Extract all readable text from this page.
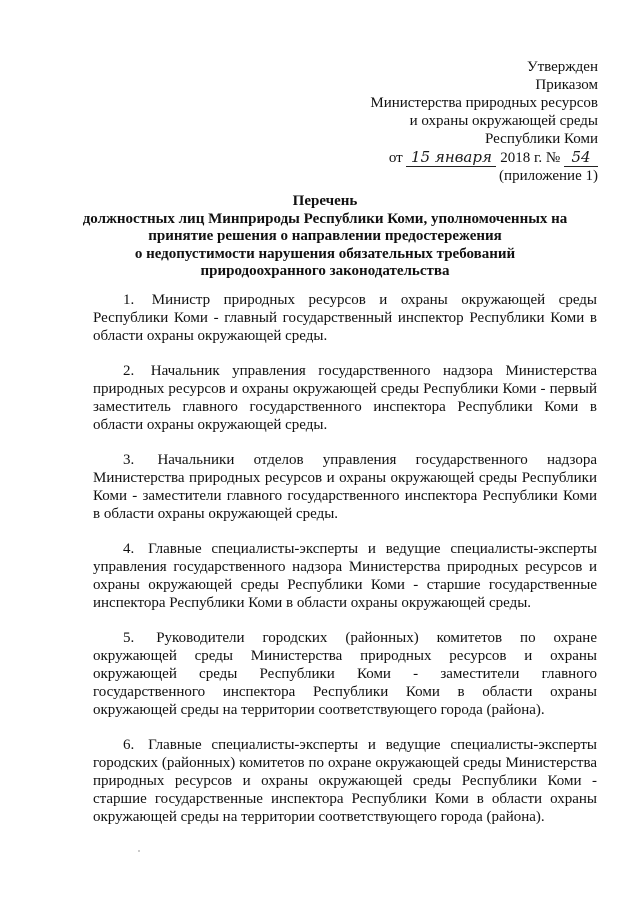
Утвержден
Приказом
Министерства природных ресурсов
и охраны окружающей среды
Республики Коми
от 15 января 2018 г. № 54
(приложение 1)
Перечень
должностных лиц Минприроды Республики Коми, уполномоченных на
принятие решения о направлении предостережения
о недопустимости нарушения обязательных требований
природоохранного законодательства

1. Министр природных ресурсов и охраны окружающей среды Республики Коми - главный государственный инспектор Республики Коми в области охраны окружающей среды.

2. Начальник управления государственного надзора Министерства природных ресурсов и охраны окружающей среды Республики Коми - первый заместитель главного государственного инспектора Республики Коми в области охраны окружающей среды.

3. Начальники отделов управления государственного надзора Министерства природных ресурсов и охраны окружающей среды Республики Коми - заместители главного государственного инспектора Республики Коми в области охраны окружающей среды.

4. Главные специалисты-эксперты и ведущие специалисты-эксперты управления государственного надзора Министерства природных ресурсов и охраны окружающей среды Республики Коми - старшие государственные инспектора Республики Коми в области охраны окружающей среды.

5. Руководители городских (районных) комитетов по охране окружающей среды Министерства природных ресурсов и охраны окружающей среды Республики Коми - заместители главного государственного инспектора Республики Коми в области охраны окружающей среды на территории соответствующего города (района).

6. Главные специалисты-эксперты и ведущие специалисты-эксперты городских (районных) комитетов по охране окружающей среды Министерства природных ресурсов и охраны окружающей среды Республики Коми - старшие государственные инспектора Республики Коми в области охраны окружающей среды на территории соответствующего города (района).
